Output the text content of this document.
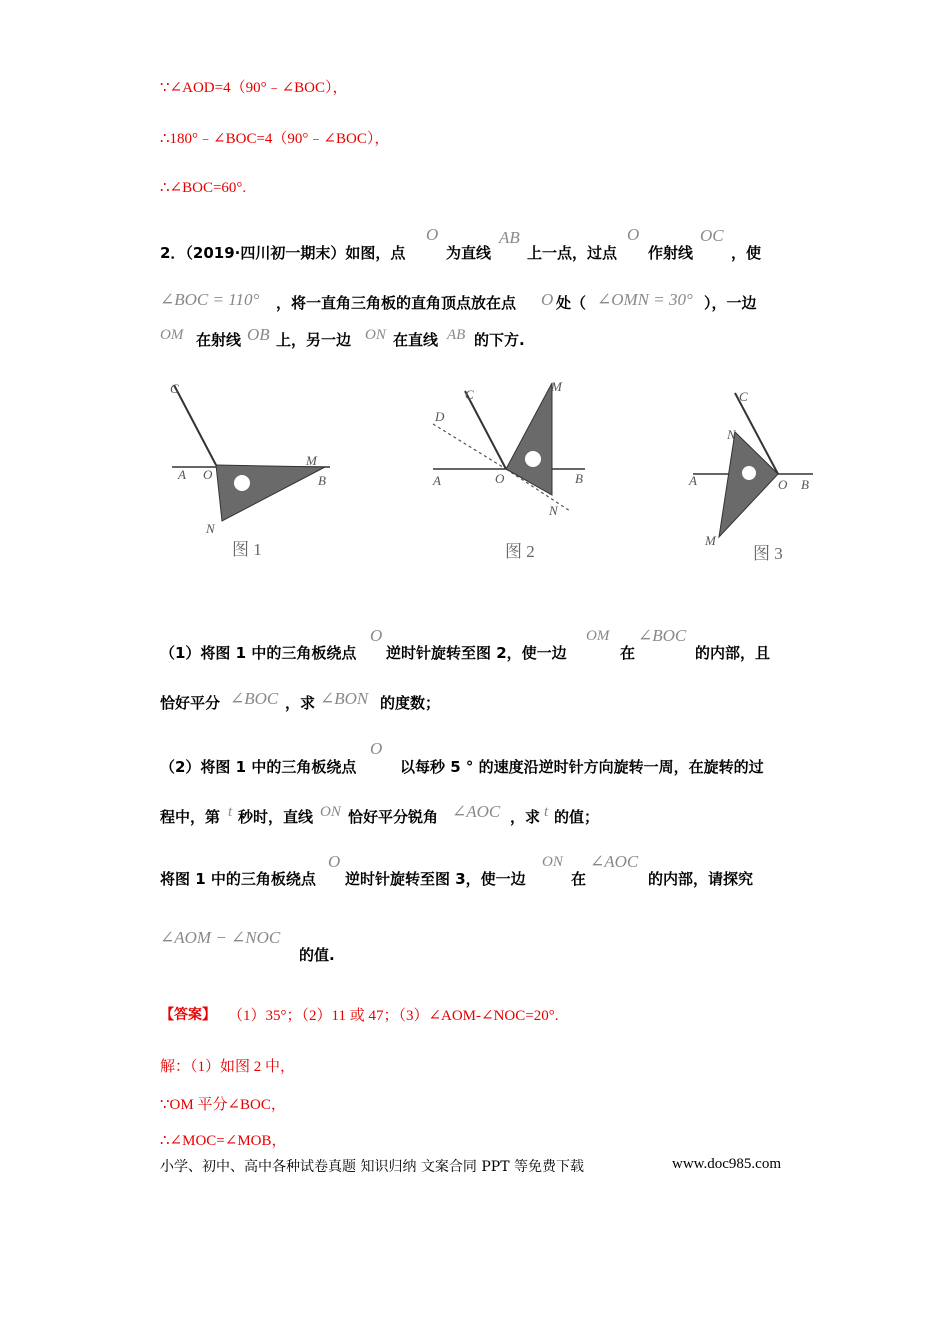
∵∠AOD=4（90°﹣∠BOC），
∴180°﹣∠BOC=4（90°﹣∠BOC），
∴∠BOC=60°.
2．（2019·四川初一期末）如图，点
O
为直线
AB
上一点，过点
O
作射线
OC
，使
∠BOC = 110° ，将一直角三角板的直角顶点放在点 O 处（ ∠OMN = 30° ），一边
OM 在射线 OB 上，另一边 ON 在直线 AB 的下方.
C
A O
M
B
N
图 1
C
D
M
A	O	B
N
图 2
C
N
A	O B
M
图 3
（1）将图 1 中的三角板绕点
O
逆时针旋转至图 2，使一边
OM
在
∠BOC
的内部，且
恰好平分 ∠BOC ，求 ∠BON 的度数；
（2）将图 1 中的三角板绕点
O
以每秒 5 ° 的速度沿逆时针方向旋转一周，在旋转的过
程中，第 t 秒时，直线 ON 恰好平分锐角 ∠AOC ，求 t 的值；
将图 1 中的三角板绕点
O
逆时针旋转至图 3，使一边
ON
在
∠AOC
的内部，请探究
∠AOM − ∠NOC
的值.
【答案】 （1）35°；（2）11 或 47；（3）∠AOM-∠NOC=20°.
解：（1）如图 2 中，
∵OM 平分∠BOC，
∴∠MOC=∠MOB，
小学、初中、高中各种试卷真题 知识归纳 文案合同 PPT 等免费下载	www.doc985.com
